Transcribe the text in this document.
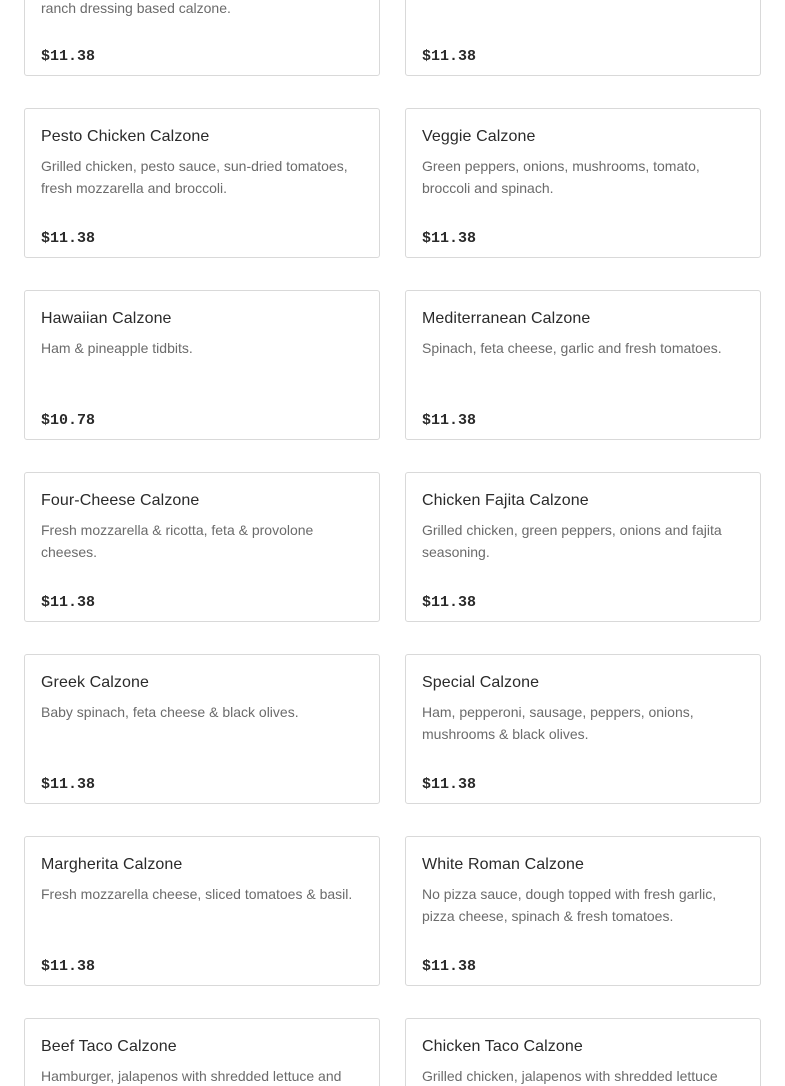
ranch dressing based calzone.
$11.38	$11.38
Pesto Chicken Calzone
Grilled chicken, pesto sauce, sun-dried tomatoes, fresh mozzarella and broccoli.
$11.38
Veggie Calzone
Green peppers, onions, mushrooms, tomato, broccoli and spinach.
$11.38
Hawaiian Calzone
Ham & pineapple tidbits.
$10.78
Mediterranean Calzone
Spinach, feta cheese, garlic and fresh tomatoes.
$11.38
Four-Cheese Calzone
Fresh mozzarella & ricotta, feta & provolone cheeses.
$11.38
Chicken Fajita Calzone
Grilled chicken, green peppers, onions and fajita seasoning.
$11.38
Greek Calzone
Baby spinach, feta cheese & black olives.
$11.38
Special Calzone
Ham, pepperoni, sausage, peppers, onions, mushrooms & black olives.
$11.38
Margherita Calzone
Fresh mozzarella cheese, sliced tomatoes & basil.
$11.38
White Roman Calzone
No pizza sauce, dough topped with fresh garlic, pizza cheese, spinach & fresh tomatoes.
$11.38
Beef Taco Calzone
Hamburger, jalapenos with shredded lettuce and
Chicken Taco Calzone
Grilled chicken, jalapenos with shredded lettuce
